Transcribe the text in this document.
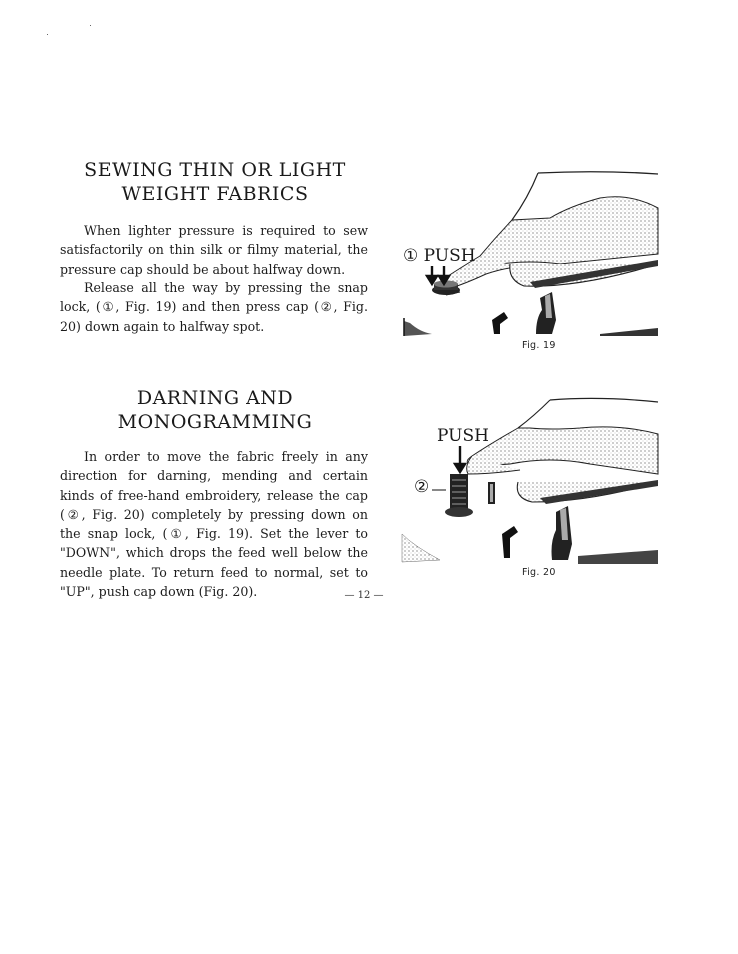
SEWING THIN OR LIGHT
WEIGHT FABRICS

When lighter pressure is required to sew satisfactorily on thin silk or filmy material, the pressure cap should be about halfway down.

Release all the way by pressing the snap lock, (①, Fig. 19) and then press cap (②, Fig. 20) down again to halfway spot.

DARNING AND
MONOGRAMMING

In order to move the fabric freely in any direction for darning, mending and certain kinds of free-hand embroidery, release the cap (②, Fig. 20) completely by pressing down on the snap lock, (①, Fig. 19). Set the lever to "DOWN", which drops the feed well below the needle plate. To return feed to normal, set to "UP", push cap down (Fig. 20).

① PUSH
Fig. 19
PUSH
②
Fig. 20
— 12 —
